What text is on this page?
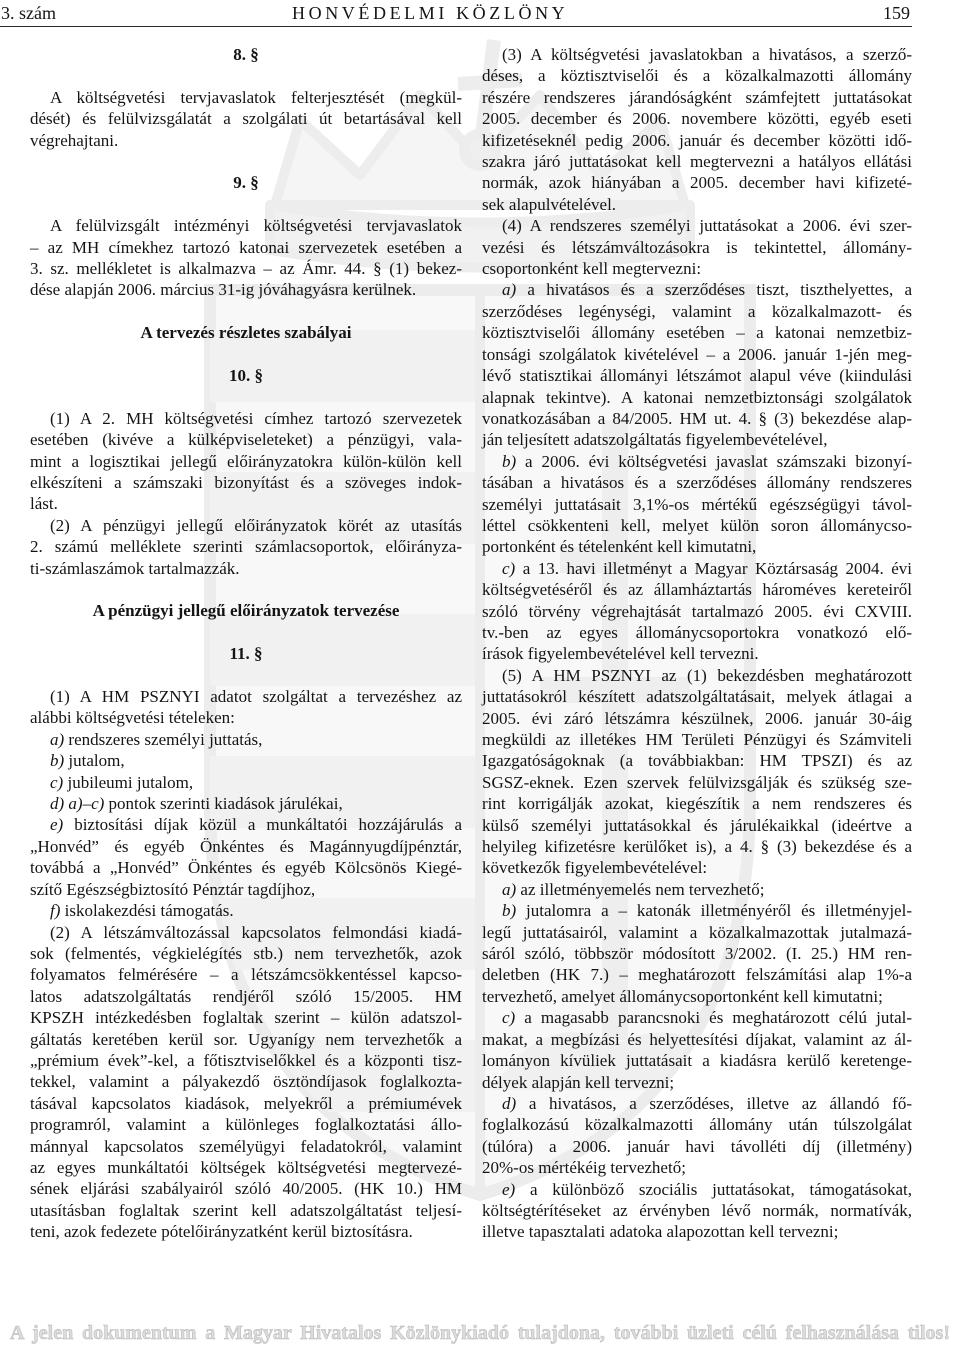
3. szám	HONVÉDELMI KÖZLÖNY	159
8. §
A költségvetési tervjavaslatok felterjesztését (megkül-
dését) és felülvizsgálatát a szolgálati út betartásával kell
végrehajtani.
9. §
A felülvizsgált intézményi költségvetési tervjavaslatok
– az MH címekhez tartozó katonai szervezetek esetében a
3. sz. mellékletet is alkalmazva – az Ámr. 44. § (1) bekez-
dése alapján 2006. március 31-ig jóváhagyásra kerülnek.
A tervezés részletes szabályai
10. §
(1) A 2. MH költségvetési címhez tartozó szervezetek
esetében (kivéve a külképviseleteket) a pénzügyi, vala-
mint a logisztikai jellegű előirányzatokra külön-külön kell
elkészíteni a számszaki bizonyítást és a szöveges indok-
lást.
(2) A pénzügyi jellegű előirányzatok körét az utasítás
2. számú melléklete szerinti számlacsoportok, előirányza-
ti-számlaszámok tartalmazzák.
A pénzügyi jellegű előirányzatok tervezése
11. §
(1) A HM PSZNYI adatot szolgáltat a tervezéshez az
alábbi költségvetési tételeken:
a) rendszeres személyi juttatás,
b) jutalom,
c) jubileumi jutalom,
d) a)–c) pontok szerinti kiadások járulékai,
e) biztosítási díjak közül a munkáltatói hozzájárulás a
„Honvéd” és egyéb Önkéntes és Magánnyugdíjpénztár,
továbbá a „Honvéd” Önkéntes és egyéb Kölcsönös Kiegé-
szítő Egészségbiztosító Pénztár tagdíjhoz,
f) iskolakezdési támogatás.
(2) A létszámváltozással kapcsolatos felmondási kiadá-
sok (felmentés, végkielégítés stb.) nem tervezhetők, azok
folyamatos felmérésére – a létszámcsökkentéssel kapcso-
latos adatszolgáltatás rendjéről szóló 15/2005. HM
KPSZH intézkedésben foglaltak szerint – külön adatszol-
gáltatás keretében kerül sor. Ugyanígy nem tervezhetők a
„prémium évek”-kel, a főtisztviselőkkel és a központi tisz-
tekkel, valamint a pályakezdő ösztöndíjasok foglalkozta-
tásával kapcsolatos kiadások, melyekről a prémiumévek
programról, valamint a különleges foglalkoztatási állo-
mánnyal kapcsolatos személyügyi feladatokról, valamint
az egyes munkáltatói költségek költségvetési megtervezé-
sének eljárási szabályairól szóló 40/2005. (HK 10.) HM
utasításban foglaltak szerint kell adatszolgáltatást teljesí-
teni, azok fedezete pótelőirányzatként kerül biztosításra.
(3) A költségvetési javaslatokban a hivatásos, a szerző-
déses, a köztisztviselői és a közalkalmazotti állomány
részére rendszeres járandóságként számfejtett juttatásokat
2005. december és 2006. novembere közötti, egyéb eseti
kifizetéseknél pedig 2006. január és december közötti idő-
szakra járó juttatásokat kell megtervezni a hatályos ellátási
normák, azok hiányában a 2005. december havi kifizeté-
sek alapulvételével.
(4) A rendszeres személyi juttatásokat a 2006. évi szer-
vezési és létszámváltozásokra is tekintettel, állomány-
csoportonként kell megtervezni:
a) a hivatásos és a szerződéses tiszt, tiszthelyettes, a
szerződéses legénységi, valamint a közalkalmazott- és
köztisztviselői állomány esetében – a katonai nemzetbiz-
tonsági szolgálatok kivételével – a 2006. január 1-jén meg-
lévő statisztikai állományi létszámot alapul véve (kiindulási
alapnak tekintve). A katonai nemzetbiztonsági szolgálatok
vonatkozásában a 84/2005. HM ut. 4. § (3) bekezdése alap-
ján teljesített adatszolgáltatás figyelembevételével,
b) a 2006. évi költségvetési javaslat számszaki bizonyí-
tásában a hivatásos és a szerződéses állomány rendszeres
személyi juttatásait 3,1%-os mértékű egészségügyi távol-
léttel csökkenteni kell, melyet külön soron állománycso-
portonként és tételenként kell kimutatni,
c) a 13. havi illetményt a Magyar Köztársaság 2004. évi
költségvetéséről és az államháztartás hároméves kereteiről
szóló törvény végrehajtását tartalmazó 2005. évi CXVIII.
tv.-ben az egyes állománycsoportokra vonatkozó elő-
írások figyelembevételével kell tervezni.
(5) A HM PSZNYI az (1) bekezdésben meghatározott
juttatásokról készített adatszolgáltatásait, melyek átlagai a
2005. évi záró létszámra készülnek, 2006. január 30-áig
megküldi az illetékes HM Területi Pénzügyi és Számviteli
Igazgatóságoknak (a továbbiakban: HM TPSZI) és az
SGSZ-eknek. Ezen szervek felülvizsgálják és szükség sze-
rint korrigálják azokat, kiegészítik a nem rendszeres és
külső személyi juttatásokkal és járulékaikkal (ideértve a
helyileg kifizetésre kerülőket is), a 4. § (3) bekezdése és a
következők figyelembevételével:
a) az illetményemelés nem tervezhető;
b) jutalomra a – katonák illetményéről és illetményjel-
legű juttatásairól, valamint a közalkalmazottak jutalmazá-
sáról szóló, többször módosított 3/2002. (I. 25.) HM ren-
deletben (HK 7.) – meghatározott felszámítási alap 1%-a
tervezhető, amelyet állománycsoportonként kell kimutatni;
c) a magasabb parancsnoki és meghatározott célú jutal-
makat, a megbízási és helyettesítési díjakat, valamint az ál-
lományon kívüliek juttatásait a kiadásra kerülő keretenge-
délyek alapján kell tervezni;
d) a hivatásos, a szerződéses, illetve az állandó fő-
foglalkozású közalkalmazotti állomány után túlszolgálat
(túlóra) a 2006. január havi távolléti díj (illetmény)
20%-os mértékéig tervezhető;
e) a különböző szociális juttatásokat, támogatásokat,
költségtérítéseket az érvényben lévő normák, normatívák,
illetve tapasztalati adatoka alapozottan kell tervezni;
A jelen dokumentum a Magyar Hivatalos Közlönykiadó tulajdona, további üzleti célú felhasználása tilos!
